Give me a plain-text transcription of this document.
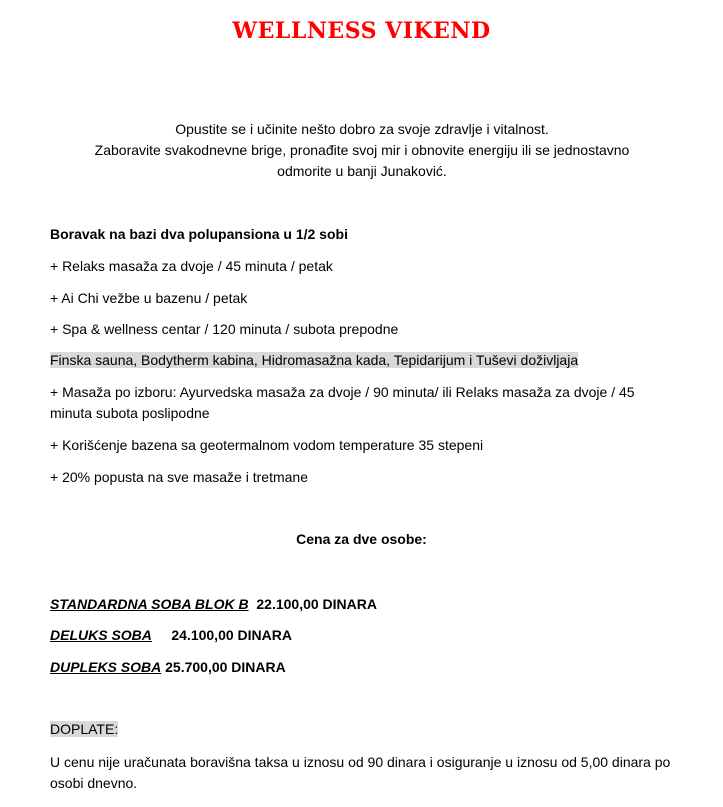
WELLNESS VIKEND
Opustite se i učinite nešto dobro za svoje zdravlje i vitalnost.
Zaboravite svakodnevne brige, pronađite svoj mir i obnovite energiju ili se jednostavno
odmorite u banji Junaković.
Boravak na bazi dva polupansiona u 1/2 sobi
+ Relaks masaža za dvoje / 45 minuta / petak
+ Ai Chi vežbe u bazenu / petak
+ Spa & wellness centar / 120 minuta / subota prepodne
Finska sauna, Bodytherm kabina, Hidromasažna kada, Tepidarijum i Tuševi doživljaja
+ Masaža po izboru: Ayurvedska masaža za dvoje / 90 minuta/ ili Relaks masaža za dvoje / 45 minuta subota poslipodne
+ Korišćenje bazena sa geotermalnom vodom temperature 35 stepeni
+ 20% popusta na sve masaže i tretmane
Cena za dve osobe:
STANDARDNA SOBA BLOK B 22.100,00 DINARA
DELUKS SOBA 24.100,00 DINARA
DUPLEKS SOBA 25.700,00 DINARA
DOPLATE:
U cenu nije uračunata boravišna taksa u iznosu od 90 dinara i osiguranje u iznosu od 5,00 dinara po osobi dnevno.
